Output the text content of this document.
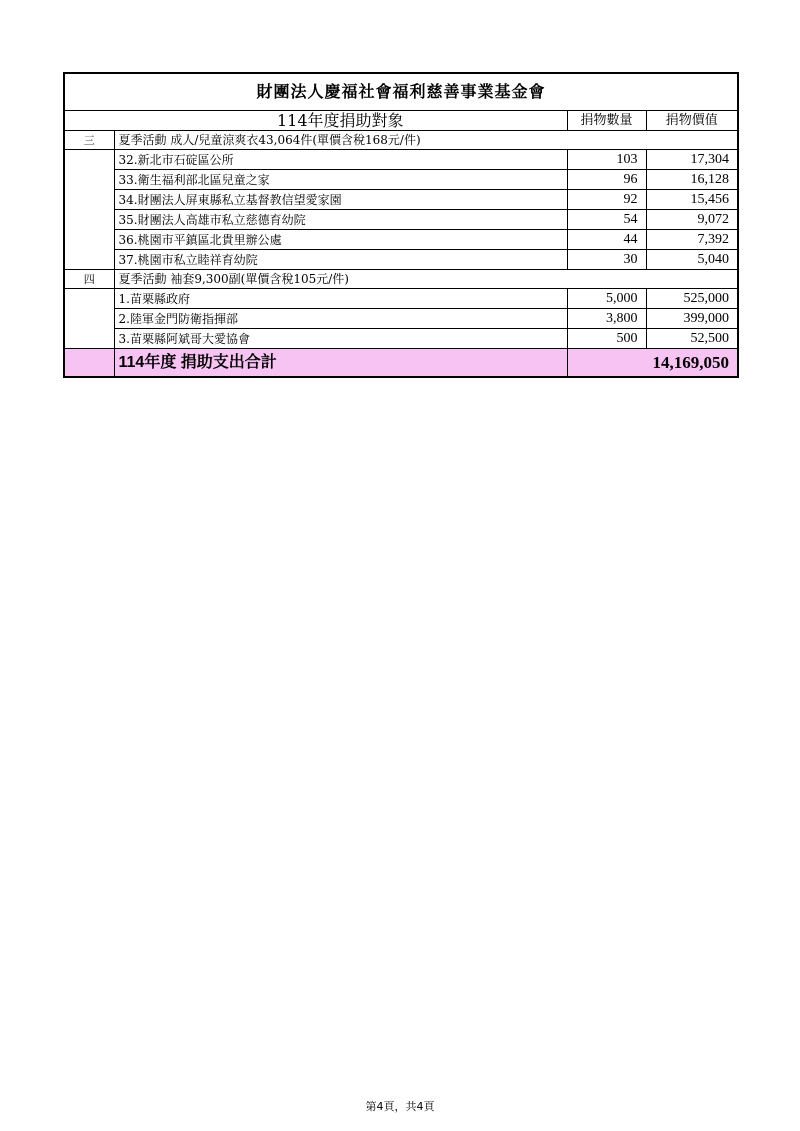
財團法人慶福社會福利慈善事業基金會			
	114年度捐助對象	捐物數量	捐物價值
三	夏季活動 成人/兒童涼爽衣43,064件(單價含稅168元/件)		
	32.新北市石碇區公所	103	17,304
	33.衛生福利部北區兒童之家	96	16,128
	34.財團法人屏東縣私立基督教信望愛家園	92	15,456
	35.財團法人高雄市私立慈德育幼院	54	9,072
	36.桃園市平鎮區北貴里辦公處	44	7,392
	37.桃園市私立睦祥育幼院	30	5,040
四	夏季活動 袖套9,300副(單價含稅105元/件)		
	1.苗栗縣政府	5,000	525,000
	2.陸軍金門防衛指揮部	3,800	399,000
	3.苗栗縣阿斌哥大愛協會	500	52,500
	114年度 捐助支出合計	14,169,050	
第4頁，共4頁
